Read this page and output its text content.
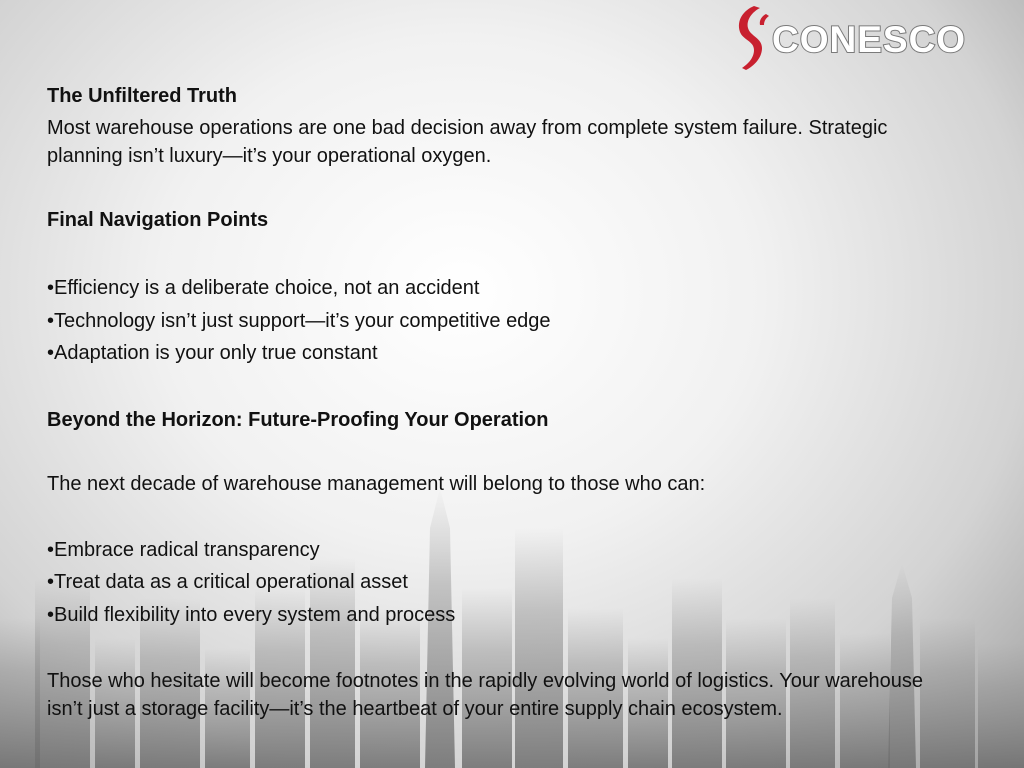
CONESCO

The Unfiltered Truth

Most warehouse operations are one bad decision away from complete system failure. Strategic planning isn’t luxury—it’s your operational oxygen.

Final Navigation Points

•Efficiency is a deliberate choice, not an accident

•Technology isn’t just support—it’s your competitive edge

•Adaptation is your only true constant

Beyond the Horizon: Future-Proofing Your Operation

The next decade of warehouse management will belong to those who can:

•Embrace radical transparency

•Treat data as a critical operational asset

•Build flexibility into every system and process

Those who hesitate will become footnotes in the rapidly evolving world of logistics. Your warehouse isn’t just a storage facility—it’s the heartbeat of your entire supply chain ecosystem.
